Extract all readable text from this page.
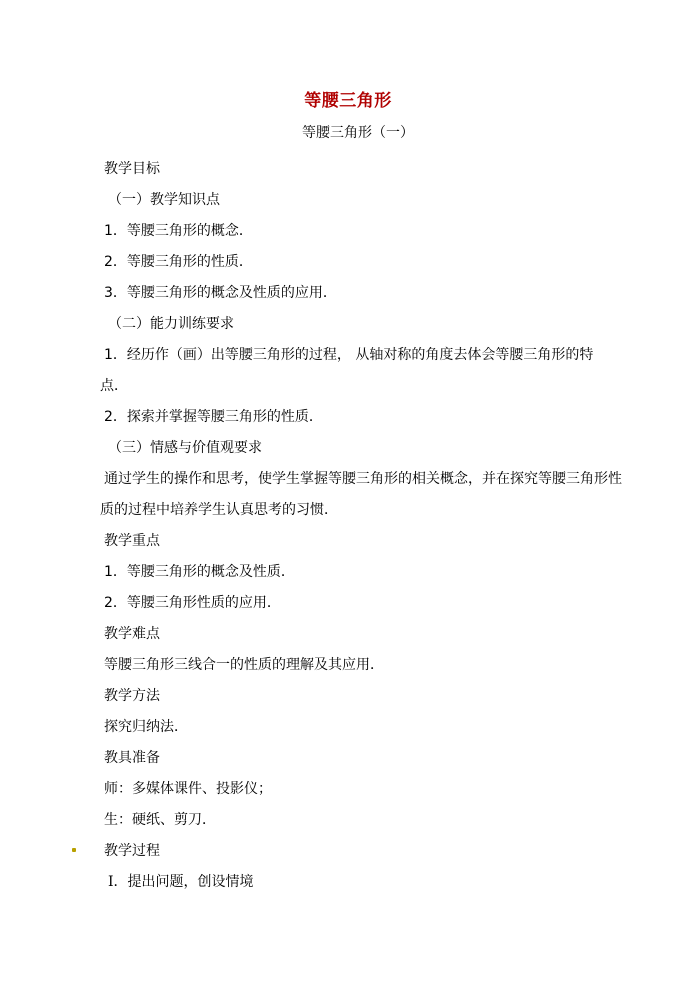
等腰三角形

等腰三角形（一）

教学目标

（一）教学知识点

1．等腰三角形的概念．

2．等腰三角形的性质．

3．等腰三角形的概念及性质的应用．

（二）能力训练要求

1．经历作（画）出等腰三角形的过程， 从轴对称的角度去体会等腰三角形的特

点．

2．探索并掌握等腰三角形的性质．

（三）情感与价值观要求

通过学生的操作和思考，使学生掌握等腰三角形的相关概念，并在探究等腰三角形性

质的过程中培养学生认真思考的习惯．

教学重点

1．等腰三角形的概念及性质．

2．等腰三角形性质的应用．

教学难点

等腰三角形三线合一的性质的理解及其应用．

教学方法

探究归纳法．

教具准备

师：多媒体课件、投影仪；

生：硬纸、剪刀．

教学过程

Ⅰ．提出问题，创设情境
